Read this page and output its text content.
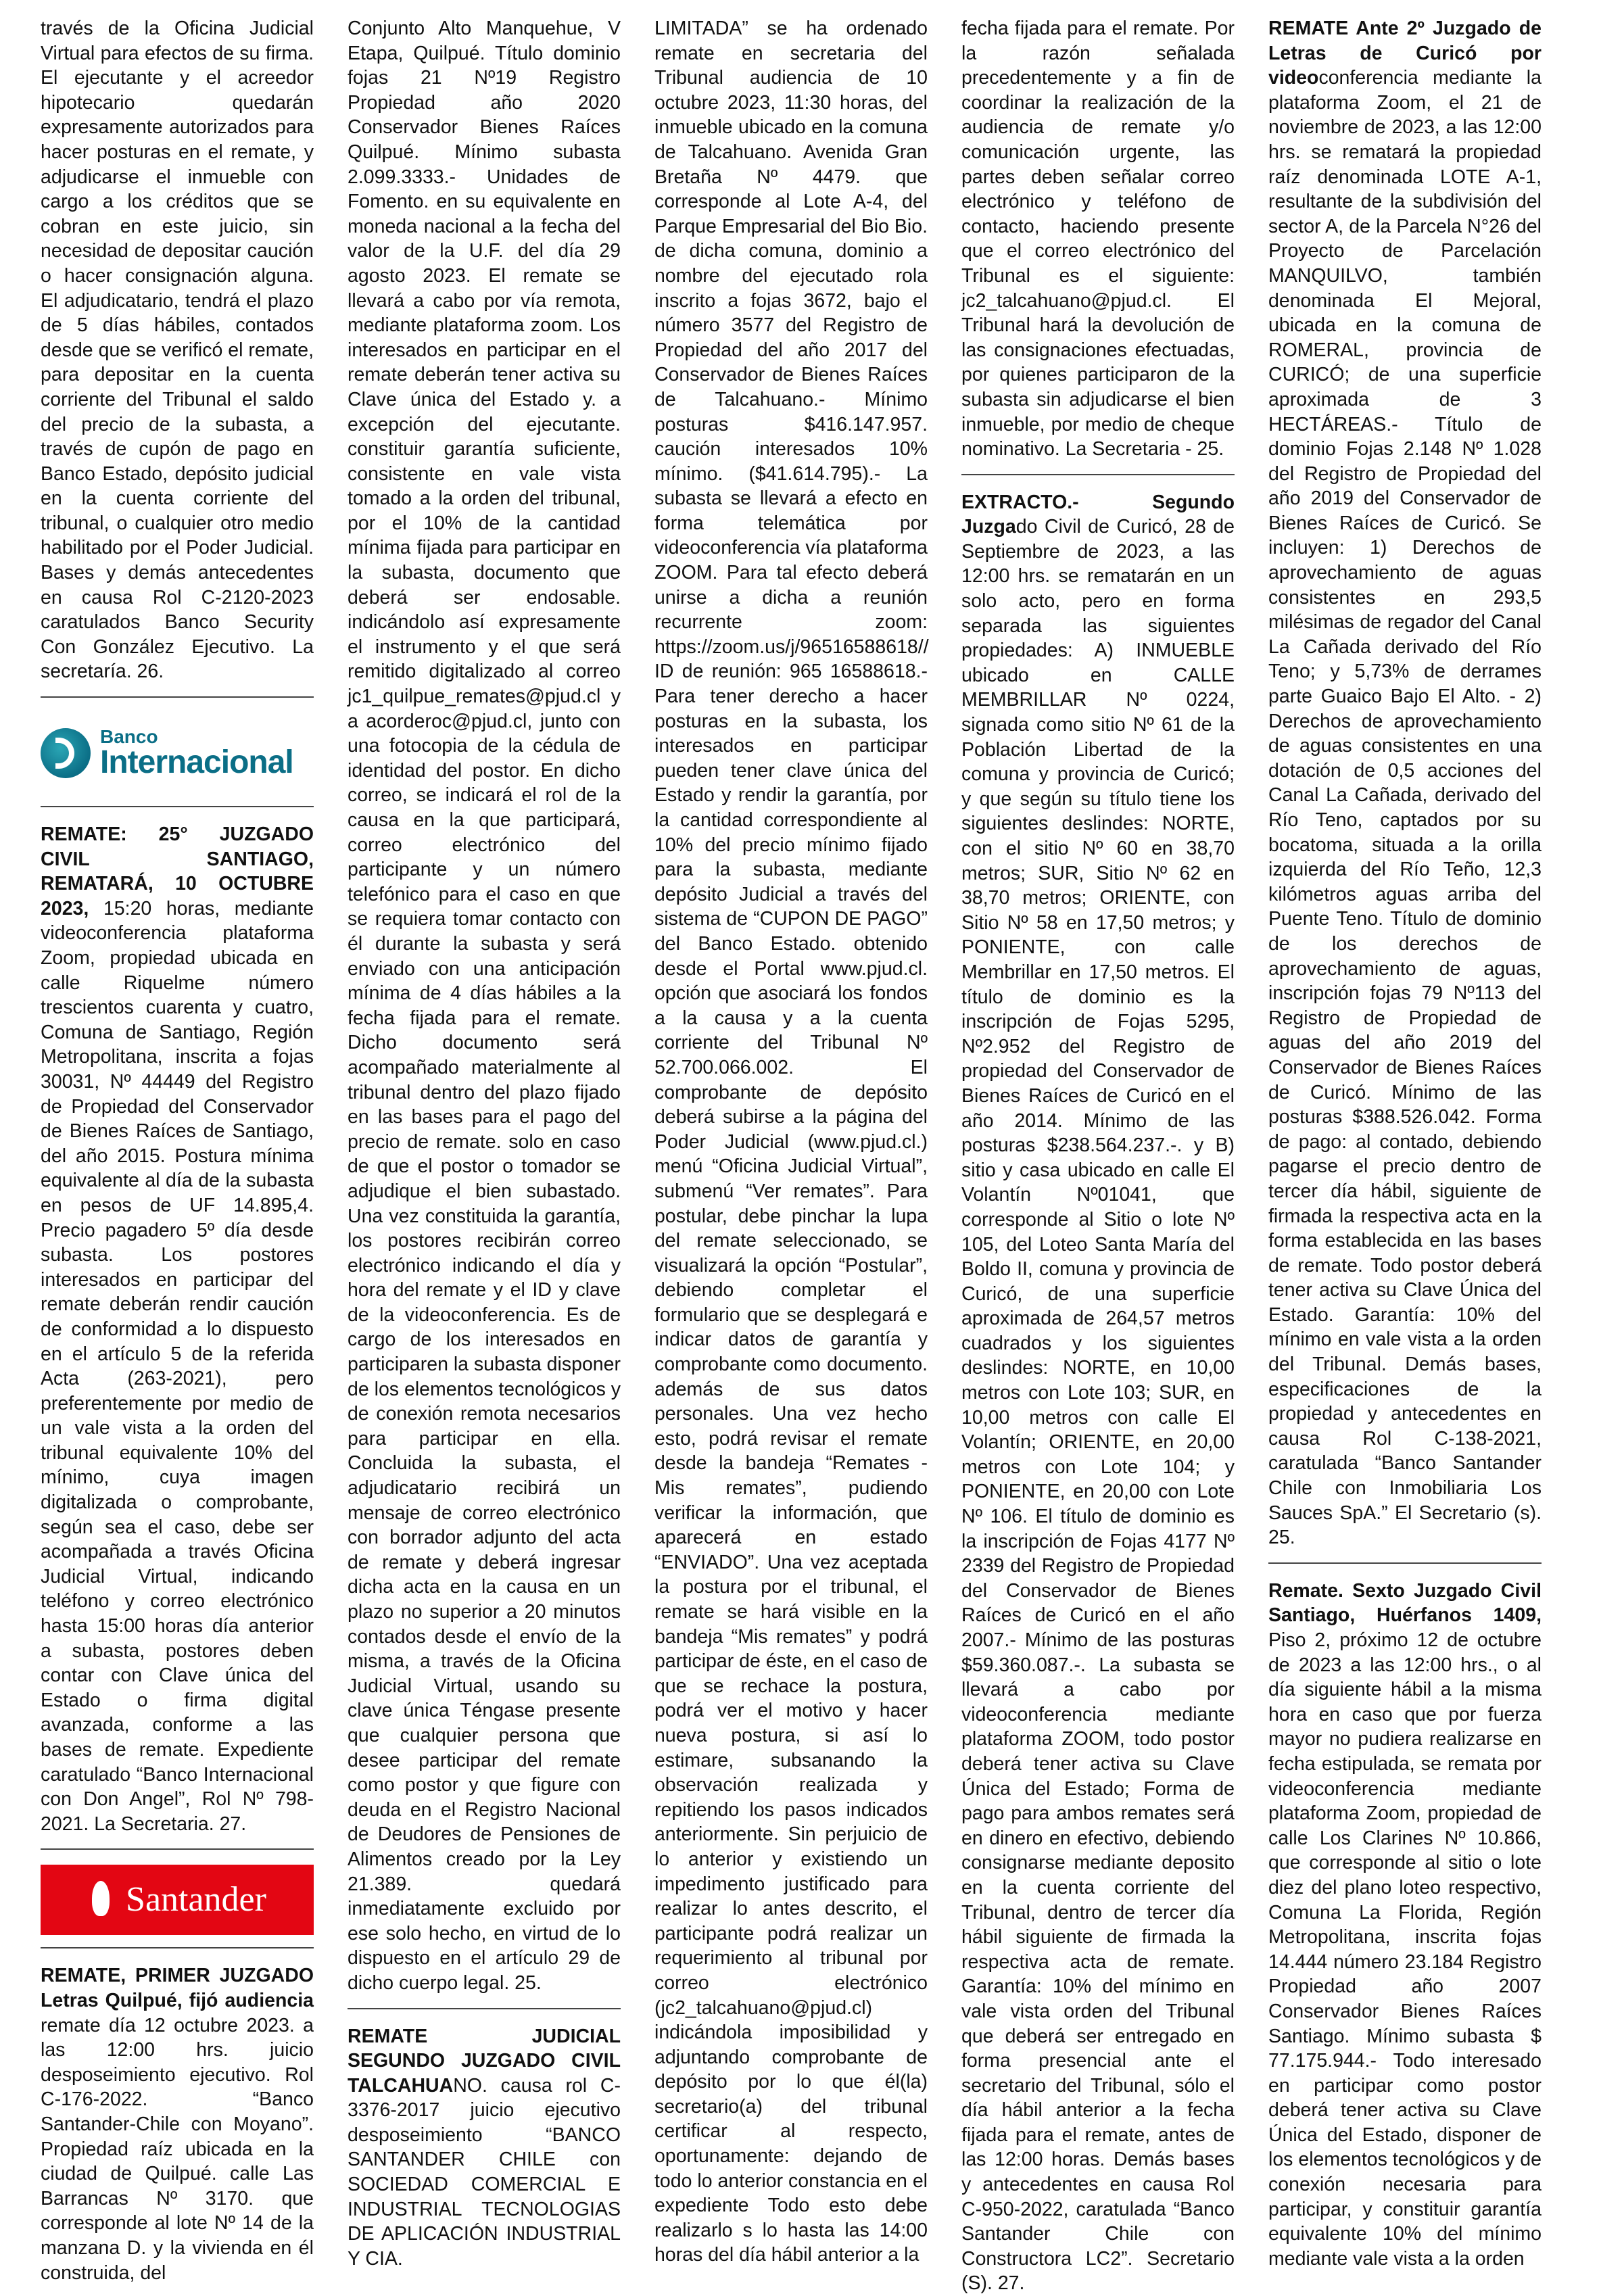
través de la Oficina Judicial Virtual para efectos de su firma. El ejecutante y el acreedor hipotecario quedarán expresamente autorizados para hacer posturas en el remate, y adjudicarse el inmueble con cargo a los créditos que se cobran en este juicio, sin necesidad de depositar caución o hacer consignación alguna. El adjudicatario, tendrá el plazo de 5 días hábiles, contados desde que se verificó el remate, para depositar en la cuenta corriente del Tribunal el saldo del precio de la subasta, a través de cupón de pago en Banco Estado, depósito judicial en la cuenta corriente del tribunal, o cualquier otro medio habilitado por el Poder Judicial. Bases y demás antecedentes en causa Rol C-2120-2023 caratulados Banco Security Con González Ejecutivo. La secretaría. 26.

Banco
Internacional

REMATE: 25° JUZGADO CIVIL SANTIAGO, REMATARÁ, 10 OCTUBRE 2023, 15:20 horas, mediante videoconferencia plataforma Zoom, propiedad ubicada en calle Riquelme número trescientos cuarenta y cuatro, Comuna de Santiago, Región Metropolitana, inscrita a fojas 30031, Nº 44449 del Registro de Propiedad del Conservador de Bienes Raíces de Santiago, del año 2015. Postura mínima equivalente al día de la subasta en pesos de UF 14.895,4. Precio pagadero 5º día desde subasta. Los postores interesados en participar del remate deberán rendir caución de conformidad a lo dispuesto en el artículo 5 de la referida Acta (263-2021), pero preferentemente por medio de un vale vista a la orden del tribunal equivalente 10% del mínimo, cuya imagen digitalizada o comprobante, según sea el caso, debe ser acompañada a través Oficina Judicial Virtual, indicando teléfono y correo electrónico hasta 15:00 horas día anterior a subasta, postores deben contar con Clave única del Estado o firma digital avanzada, conforme a las bases de remate. Expediente caratulado “Banco Internacional con Don Angel”, Rol Nº 798-2021. La Secretaria. 27.

Santander

REMATE, PRIMER JUZGADO Letras Quilpué, fijó audiencia remate día 12 octubre 2023. a las 12:00 hrs. juicio desposeimiento ejecutivo. Rol C-176-2022. “Banco Santander-Chile con Moyano”. Propiedad raíz ubicada en la ciudad de Quilpué. calle Las Barrancas Nº 3170. que corresponde al lote Nº 14 de la manzana D. y la vivienda en él construida, del

Conjunto Alto Manquehue, V Etapa, Quilpué. Título dominio fojas 21 Nº19 Registro Propiedad año 2020 Conservador Bienes Raíces Quilpué. Mínimo subasta 2.099.3333.- Unidades de Fomento. en su equivalente en moneda nacional a la fecha del valor de la U.F. del día 29 agosto 2023. El remate se llevará a cabo por vía remota, mediante plataforma zoom. Los interesados en participar en el remate deberán tener activa su Clave única del Estado y. a excepción del ejecutante. constituir garantía suficiente, consistente en vale vista tomado a la orden del tribunal, por el 10% de la cantidad mínima fijada para participar en la subasta, documento que deberá ser endosable. indicándolo así expresamente el instrumento y el que será remitido digitalizado al correo jc1_quilpue_remates@pjud.cl y a acorderoc@pjud.cl, junto con una fotocopia de la cédula de identidad del postor. En dicho correo, se indicará el rol de la causa en la que participará, correo electrónico del participante y un número telefónico para el caso en que se requiera tomar contacto con él durante la subasta y será enviado con una anticipación mínima de 4 días hábiles a la fecha fijada para el remate. Dicho documento será acompañado materialmente al tribunal dentro del plazo fijado en las bases para el pago del precio de remate. solo en caso de que el postor o tomador se adjudique el bien subastado. Una vez constituida la garantía, los postores recibirán correo electrónico indicando el día y hora del remate y el ID y clave de la videoconferencia. Es de cargo de los interesados en participaren la subasta disponer de los elementos tecnológicos y de conexión remota necesarios para participar en ella. Concluida la subasta, el adjudicatario recibirá un mensaje de correo electrónico con borrador adjunto del acta de remate y deberá ingresar dicha acta en la causa en un plazo no superior a 20 minutos contados desde el envío de la misma, a través de la Oficina Judicial Virtual, usando su clave única Téngase presente que cualquier persona que desee participar del remate como postor y que figure con deuda en el Registro Nacional de Deudores de Pensiones de Alimentos creado por la Ley 21.389. quedará inmediatamente excluido por ese solo hecho, en virtud de lo dispuesto en el artículo 29 de dicho cuerpo legal. 25.

REMATE JUDICIAL SEGUNDO JUZGADO CIVIL TALCAHUANO. causa rol C-3376-2017 juicio ejecutivo desposeimiento “BANCO SANTANDER CHILE con SOCIEDAD COMERCIAL E INDUSTRIAL TECNOLOGIAS DE APLICACIÓN INDUSTRIAL Y CIA.

LIMITADA” se ha ordenado remate en secretaria del Tribunal audiencia de 10 octubre 2023, 11:30 horas, del inmueble ubicado en la comuna de Talcahuano. Avenida Gran Bretaña Nº 4479. que corresponde al Lote A-4, del Parque Empresarial del Bio Bio. de dicha comuna, dominio a nombre del ejecutado rola inscrito a fojas 3672, bajo el número 3577 del Registro de Propiedad del año 2017 del Conservador de Bienes Raíces de Talcahuano.- Mínimo posturas $416.147.957. caución interesados 10% mínimo. ($41.614.795).- La subasta se llevará a efecto en forma telemática por videoconferencia vía plataforma ZOOM. Para tal efecto deberá unirse a dicha a reunión recurrente zoom: https://zoom.us/j/96516588618// ID de reunión: 965 16588618.- Para tener derecho a hacer posturas en la subasta, los interesados en participar pueden tener clave única del Estado y rendir la garantía, por la cantidad correspondiente al 10% del precio mínimo fijado para la subasta, mediante depósito Judicial a través del sistema de “CUPON DE PAGO” del Banco Estado. obtenido desde el Portal www.pjud.cl. opción que asociará los fondos a la causa y a la cuenta corriente del Tribunal Nº 52.700.066.002. El comprobante de depósito deberá subirse a la página del Poder Judicial (www.pjud.cl.) menú “Oficina Judicial Virtual”, submenú “Ver remates”. Para postular, debe pinchar la lupa del remate seleccionado, se visualizará la opción “Postular”, debiendo completar el formulario que se desplegará e indicar datos de garantía y comprobante como documento. además de sus datos personales. Una vez hecho esto, podrá revisar el remate desde la bandeja “Remates - Mis remates”, pudiendo verificar la información, que aparecerá en estado “ENVIADO”. Una vez aceptada la postura por el tribunal, el remate se hará visible en la bandeja “Mis remates” y podrá participar de éste, en el caso de que se rechace la postura, podrá ver el motivo y hacer nueva postura, si así lo estimare, subsanando la observación realizada y repitiendo los pasos indicados anteriormente. Sin perjuicio de lo anterior y existiendo un impedimento justificado para realizar lo antes descrito, el participante podrá realizar un requerimiento al tribunal por correo electrónico (jc2_talcahuano@pjud.cl) indicándola imposibilidad y adjuntando comprobante de depósito por lo que él(la) secretario(a) del tribunal certificar al respecto, oportunamente: dejando de todo lo anterior constancia en el expediente Todo esto debe realizarlo s lo hasta las 14:00 horas del día hábil anterior a la

fecha fijada para el remate. Por la razón señalada precedentemente y a fin de coordinar la realización de la audiencia de remate y/o comunicación urgente, las partes deben señalar correo electrónico y teléfono de contacto, haciendo presente que el correo electrónico del Tribunal es el siguiente: jc2_talcahuano@pjud.cl. El Tribunal hará la devolución de las consignaciones efectuadas, por quienes participaron de la subasta sin adjudicarse el bien inmueble, por medio de cheque nominativo. La Secretaria - 25.

EXTRACTO.- Segundo Juzgado Civil de Curicó, 28 de Septiembre de 2023, a las 12:00 hrs. se rematarán en un solo acto, pero en forma separada las siguientes propiedades: A) INMUEBLE ubicado en CALLE MEMBRILLAR Nº 0224, signada como sitio Nº 61 de la Población Libertad de la comuna y provincia de Curicó; y que según su título tiene los siguientes deslindes: NORTE, con el sitio Nº 60 en 38,70 metros; SUR, Sitio Nº 62 en 38,70 metros; ORIENTE, con Sitio Nº 58 en 17,50 metros; y PONIENTE, con calle Membrillar en 17,50 metros. El título de dominio es la inscripción de Fojas 5295, Nº2.952 del Registro de propiedad del Conservador de Bienes Raíces de Curicó en el año 2014. Mínimo de las posturas $238.564.237.-. y B) sitio y casa ubicado en calle El Volantín Nº01041, que corresponde al Sitio o lote Nº 105, del Loteo Santa María del Boldo II, comuna y provincia de Curicó, de una superficie aproximada de 264,57 metros cuadrados y los siguientes deslindes: NORTE, en 10,00 metros con Lote 103; SUR, en 10,00 metros con calle El Volantín; ORIENTE, en 20,00 metros con Lote 104; y PONIENTE, en 20,00 con Lote Nº 106. El título de dominio es la inscripción de Fojas 4177 Nº 2339 del Registro de Propiedad del Conservador de Bienes Raíces de Curicó en el año 2007.- Mínimo de las posturas $59.360.087.-. La subasta se llevará a cabo por videoconferencia mediante plataforma ZOOM, todo postor deberá tener activa su Clave Única del Estado; Forma de pago para ambos remates será en dinero en efectivo, debiendo consignarse mediante deposito en la cuenta corriente del Tribunal, dentro de tercer día hábil siguiente de firmada la respectiva acta de remate. Garantía: 10% del mínimo en vale vista orden del Tribunal que deberá ser entregado en forma presencial ante el secretario del Tribunal, sólo el día hábil anterior a la fecha fijada para el remate, antes de las 12:00 horas. Demás bases y antecedentes en causa Rol C-950-2022, caratulada “Banco Santander Chile con Constructora LC2”. Secretario (S). 27.

REMATE Ante 2º Juzgado de Letras de Curicó por videoconferencia mediante la plataforma Zoom, el 21 de noviembre de 2023, a las 12:00 hrs. se rematará la propiedad raíz denominada LOTE A-1, resultante de la subdivisión del sector A, de la Parcela N°26 del Proyecto de Parcelación MANQUILVO, también denominada El Mejoral, ubicada en la comuna de ROMERAL, provincia de CURICÓ; de una superficie aproximada de 3 HECTÁREAS.- Título de dominio Fojas 2.148 Nº 1.028 del Registro de Propiedad del año 2019 del Conservador de Bienes Raíces de Curicó. Se incluyen: 1) Derechos de aprovechamiento de aguas consistentes en 293,5 milésimas de regador del Canal La Cañada derivado del Río Teno; y 5,73% de derrames parte Guaico Bajo El Alto. - 2) Derechos de aprovechamiento de aguas consistentes en una dotación de 0,5 acciones del Canal La Cañada, derivado del Río Teno, captados por su bocatoma, situada a la orilla izquierda del Río Teño, 12,3 kilómetros aguas arriba del Puente Teno. Título de dominio de los derechos de aprovechamiento de aguas, inscripción fojas 79 Nº113 del Registro de Propiedad de aguas del año 2019 del Conservador de Bienes Raíces de Curicó. Mínimo de las posturas $388.526.042. Forma de pago: al contado, debiendo pagarse el precio dentro de tercer día hábil, siguiente de firmada la respectiva acta en la forma establecida en las bases de remate. Todo postor deberá tener activa su Clave Única del Estado. Garantía: 10% del mínimo en vale vista a la orden del Tribunal. Demás bases, especificaciones de la propiedad y antecedentes en causa Rol C-138-2021, caratulada “Banco Santander Chile con Inmobiliaria Los Sauces SpA.” El Secretario (s). 25.

Remate. Sexto Juzgado Civil Santiago, Huérfanos 1409, Piso 2, próximo 12 de octubre de 2023 a las 12:00 hrs., o al día siguiente hábil a la misma hora en caso que por fuerza mayor no pudiera realizarse en fecha estipulada, se remata por videoconferencia mediante plataforma Zoom, propiedad de calle Los Clarines Nº 10.866, que corresponde al sitio o lote diez del plano loteo respectivo, Comuna La Florida, Región Metropolitana, inscrita fojas 14.444 número 23.184 Registro Propiedad año 2007 Conservador Bienes Raíces Santiago. Mínimo subasta $ 77.175.944.- Todo interesado en participar como postor deberá tener activa su Clave Única del Estado, disponer de los elementos tecnológicos y de conexión necesaria para participar, y constituir garantía equivalente 10% del mínimo mediante vale vista a la orden
